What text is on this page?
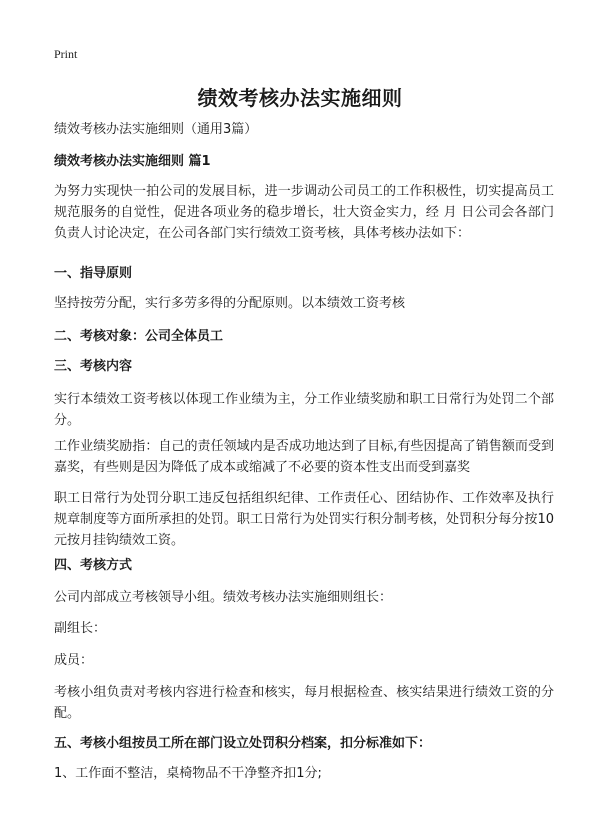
Print
绩效考核办法实施细则
绩效考核办法实施细则（通用3篇）
绩效考核办法实施细则 篇1
为努力实现快一拍公司的发展目标，进一步调动公司员工的工作积极性，切实提高员工规范服务的自觉性，促进各项业务的稳步增长，壮大资金实力，经 月 日公司会各部门负责人讨论决定，在公司各部门实行绩效工资考核，具体考核办法如下：
一、指导原则
坚持按劳分配，实行多劳多得的分配原则。以本绩效工资考核
二、考核对象：公司全体员工
三、考核内容
实行本绩效工资考核以体现工作业绩为主，分工作业绩奖励和职工日常行为处罚二个部分。
工作业绩奖励指：自己的责任领域内是否成功地达到了目标,有些因提高了销售额而受到嘉奖，有些则是因为降低了成本或缩减了不必要的资本性支出而受到嘉奖
职工日常行为处罚分职工违反包括组织纪律、工作责任心、团结协作、工作效率及执行规章制度等方面所承担的处罚。职工日常行为处罚实行积分制考核，处罚积分每分按10元按月挂钩绩效工资。
四、考核方式
公司内部成立考核领导小组。绩效考核办法实施细则组长：
副组长：
成员：
考核小组负责对考核内容进行检查和核实，每月根据检查、核实结果进行绩效工资的分配。
五、考核小组按员工所在部门设立处罚积分档案，扣分标准如下：
1、工作面不整洁，桌椅物品不干净整齐扣1分;
